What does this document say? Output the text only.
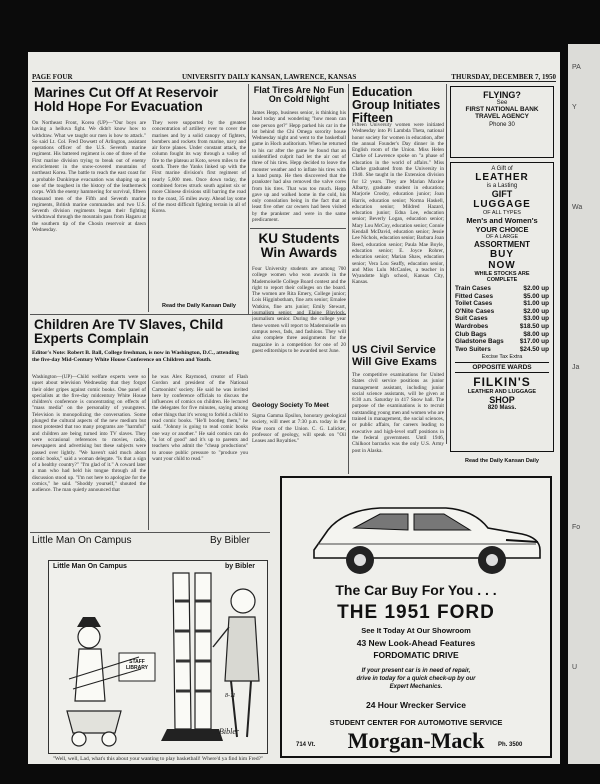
PAGE FOUR	UNIVERSITY DAILY KANSAN, LAWRENCE, KANSAS	THURSDAY, DECEMBER 7, 1950
Marines Cut Off At Reservoir Hold Hope For Evacuation
On Northeast Front, Korea (UP)—"Our boys are having a helluva fight. We didn't know how to withdraw. What we taught our men is how to attack." So said Lt. Col. Fred Dowsett of Arlington, assistant operations officer of the U.S. Seventh marine regiment. His battered regiment is one of three of the First marine division trying to break out of enemy encirclement in the snow-covered mountains of northeast Korea. The battle to reach the east coast for a probable Dunkirque evacuation was shaping up as one of the toughest in the history of the leatherneck corps. With the enemy hammering for survival, fifteen thousand men of the Fifth and Seventh marine regiments, British marine commandos and two U.S. Seventh division regiments began their fighting withdrawal through the mountain pass from Hagaru at the southern tip of the Chosin reservoir at dawn Wednesday.
They were supported by the greatest concentration of artillery ever to cover the marines and by a solid canopy of fighters, bombers and rockets from marine, navy and air force planes. Under constant attack, the column fought its way through a valley of fire to the plateau at Koto, seven miles to the south. There the Yanks linked up with the First marine division's first regiment of nearly 5,000 men. Once down today, the combined forces struck south against six or more Chinese divisions still barring the road to the coast, 35 miles away. Ahead lay some of the most difficult fighting terrain in all of Korea.
Read the Daily Kansan Daily
Flat Tires Are No Fun On Cold Night
James Hepp, business senior, is thinking his head today and wondering "how mean can one person get?" Hepp parked his car in the lot behind the Chi Omega sorority house Wednesday night and went to the basketball game in Hoch auditorium. When he returned to his car after the game he found that an unidentified culprit had let the air out of three of his tires. Hepp decided to leave the monster weather and to inflate his tires with a hand pump. He then discovered that the prankster had also removed the valve cores from his tires. That was too much. Hepp gave up and walked home in the cold, his only consolation being in the fact that at least five other car owners had been visited by the prankster and were in the same predicament.
KU Students Win Awards
Four University students are among 700 college women who won awards in the Mademoiselle College Board contest and the right to report their colleges on the board. The women are Rita Emery, College junior; Lois Higginbotham, fine arts senior; Ernalee Watkins, fine arts junior; Emily Stewart, journalism senior, and Elaine Blaylock, journalism senior. During the college year these women will report to Mademoiselle on campus news, fads, and fashions. They will also complete three assignments for the magazine in a competition for one of 20 guest editorships to be awarded next June.
Geology Society To Meet
Sigma Gamma Epsilon, honorary geological society, will meet at 7:30 p.m. today in the Pine room of the Union. C. G. Lalicker, professor of geology, will speak on "Oil Leases and Royalties."
Education Group Initiates Fifteen
Fifteen University women were initiated Wednesday into Pi Lambda Theta, national honor society for women in education, after the annual Founder's Day dinner in the English room of the Union. Miss Helen Clarke of Lawrence spoke on "a phase of education in the world of affairs." Miss Clarke graduated from the University in 1940. She taught in the Extension division for 12 years. They are Marian Maxine Albarty, graduate student in education; Marjorie Crosby, education junior; Joan Harris, education senior; Norma Haskell, education senior; Mildred Hazard, education junior; Edna Lee, education senior; Beverly Logan, education senior; Mary Lou McCoy, education senior; Connie Kendall McDavid, education senior; Jessie Lee Nichols, education senior; Barbara Joan Reed, education senior; Paula Mae Boyle, education senior; E. Joyce Rohrer, education senior; Marian Shaw, education senior; Vera Lou Seaffy, education senior, and Miss Lulu McCanles, a teacher in Wyandotte high school, Kansas City, Kansas.
US Civil Service Will Give Exams
The competitive examinations for United States civil service positions as junior management assistant, including junior social science assistants, will be given at 8:30 a.m. Saturday in 417 Snow hall. The purpose of the examinations is to recruit outstanding young men and women who are trained in management, the social sciences, or public affairs, for careers leading to executive and high-level staff positions in the federal government. Until 1946, Chilkoot barracks was the only U.S. Army post in Alaska.
Children Are TV Slaves, Child Experts Complain
Editor's Note: Robert B. Ball, College freshman, is now in Washington, D.C., attending the five-day Mid-Century White House Conference on Children and Youth.
Washington—(UP)—Child welfare experts were so upset about television Wednesday that they forgot their older gripes against comic books. One panel of specialists at the five-day midcentury White House children's conference is concentrating on effects of "mass media" on the personality of youngsters. Television is monopolizing the conversation. Some plunged the cultural aspects of the new medium but most protested that too many programs are "harmful" and children are being turned into TV slaves. They were occasional references to movies, radio, newspapers and advertising but these subjects were passed over lightly. "We haven't said much about comic books," said a woman delegate. "Is that a sign of a healthy country?" "I'm glad of it." A coward later a man who had held his tongue through all the discussion stood up. "I'm not here to apologize for the comics," he said. "Shoddy yourself," shouted the audience. The man quietly announced that
he was Alex Raymond, creator of Flash Gordon and president of the National Cartoonists' society. He said he was invited here by conference officials to discuss the influences of comics on children. He lectured the delegates for five minutes, saying among other things that it's wrong to forbid a child to read comic books. "He'll bootleg them," he said. "Johnny is going to read comic books one way or another." He said comics can do "a lot of good" and it's up to parents and teachers who admit the "cheap productions" to arouse public pressure to "produce you want your child to read."
Little Man On Campus	By Bibler
Little Man On Campus	by Bibler
STAFF LIBRARY
8-11
Bibler
"Well, well, Lad, what's this about your wanting to play basketball! Where'd ya find him Fred?"
FLYING?
See
FIRST NATIONAL BANK
TRAVEL AGENCY
Phone 30
A Gift of
LEATHER
is a Lasting
GIFT
LUGGAGE
OF ALL TYPES
Men's and Women's
YOUR CHOICE
OF A LARGE
ASSORTMENT
BUY
NOW
WHILE STOCKS ARE
COMPLETE
Train Cases	$2.00 up
Fitted Cases	$5.00 up
Toilet Cases	$1.00 up
O'Nite Cases	$2.00 up
Suit Cases	$3.00 up
Wardrobes	$18.50 up
Club Bags	$8.00 up
Gladstone Bags	$17.00 up
Two Suiters	$24.50 up
Excise Tax Extra
OPPOSITE WARDS
FILKIN'S
LEATHER AND LUGGAGE
SHOP
820 Mass.
Read the Daily Kansan Daily
The Car Buy For You . . .
THE 1951 FORD
See It Today At Our Showroom
43 New Look-Ahead Features
FORDOMATIC DRIVE
If your present car is in need of repair,
drive in today for a quick check-up by our
Expert Mechanics.
24 Hour Wrecker Service
STUDENT CENTER FOR AUTOMOTIVE SERVICE
Morgan-Mack
714 Vt.	Ph. 3500
PA
Y
Wa
Ja
Fo
U
